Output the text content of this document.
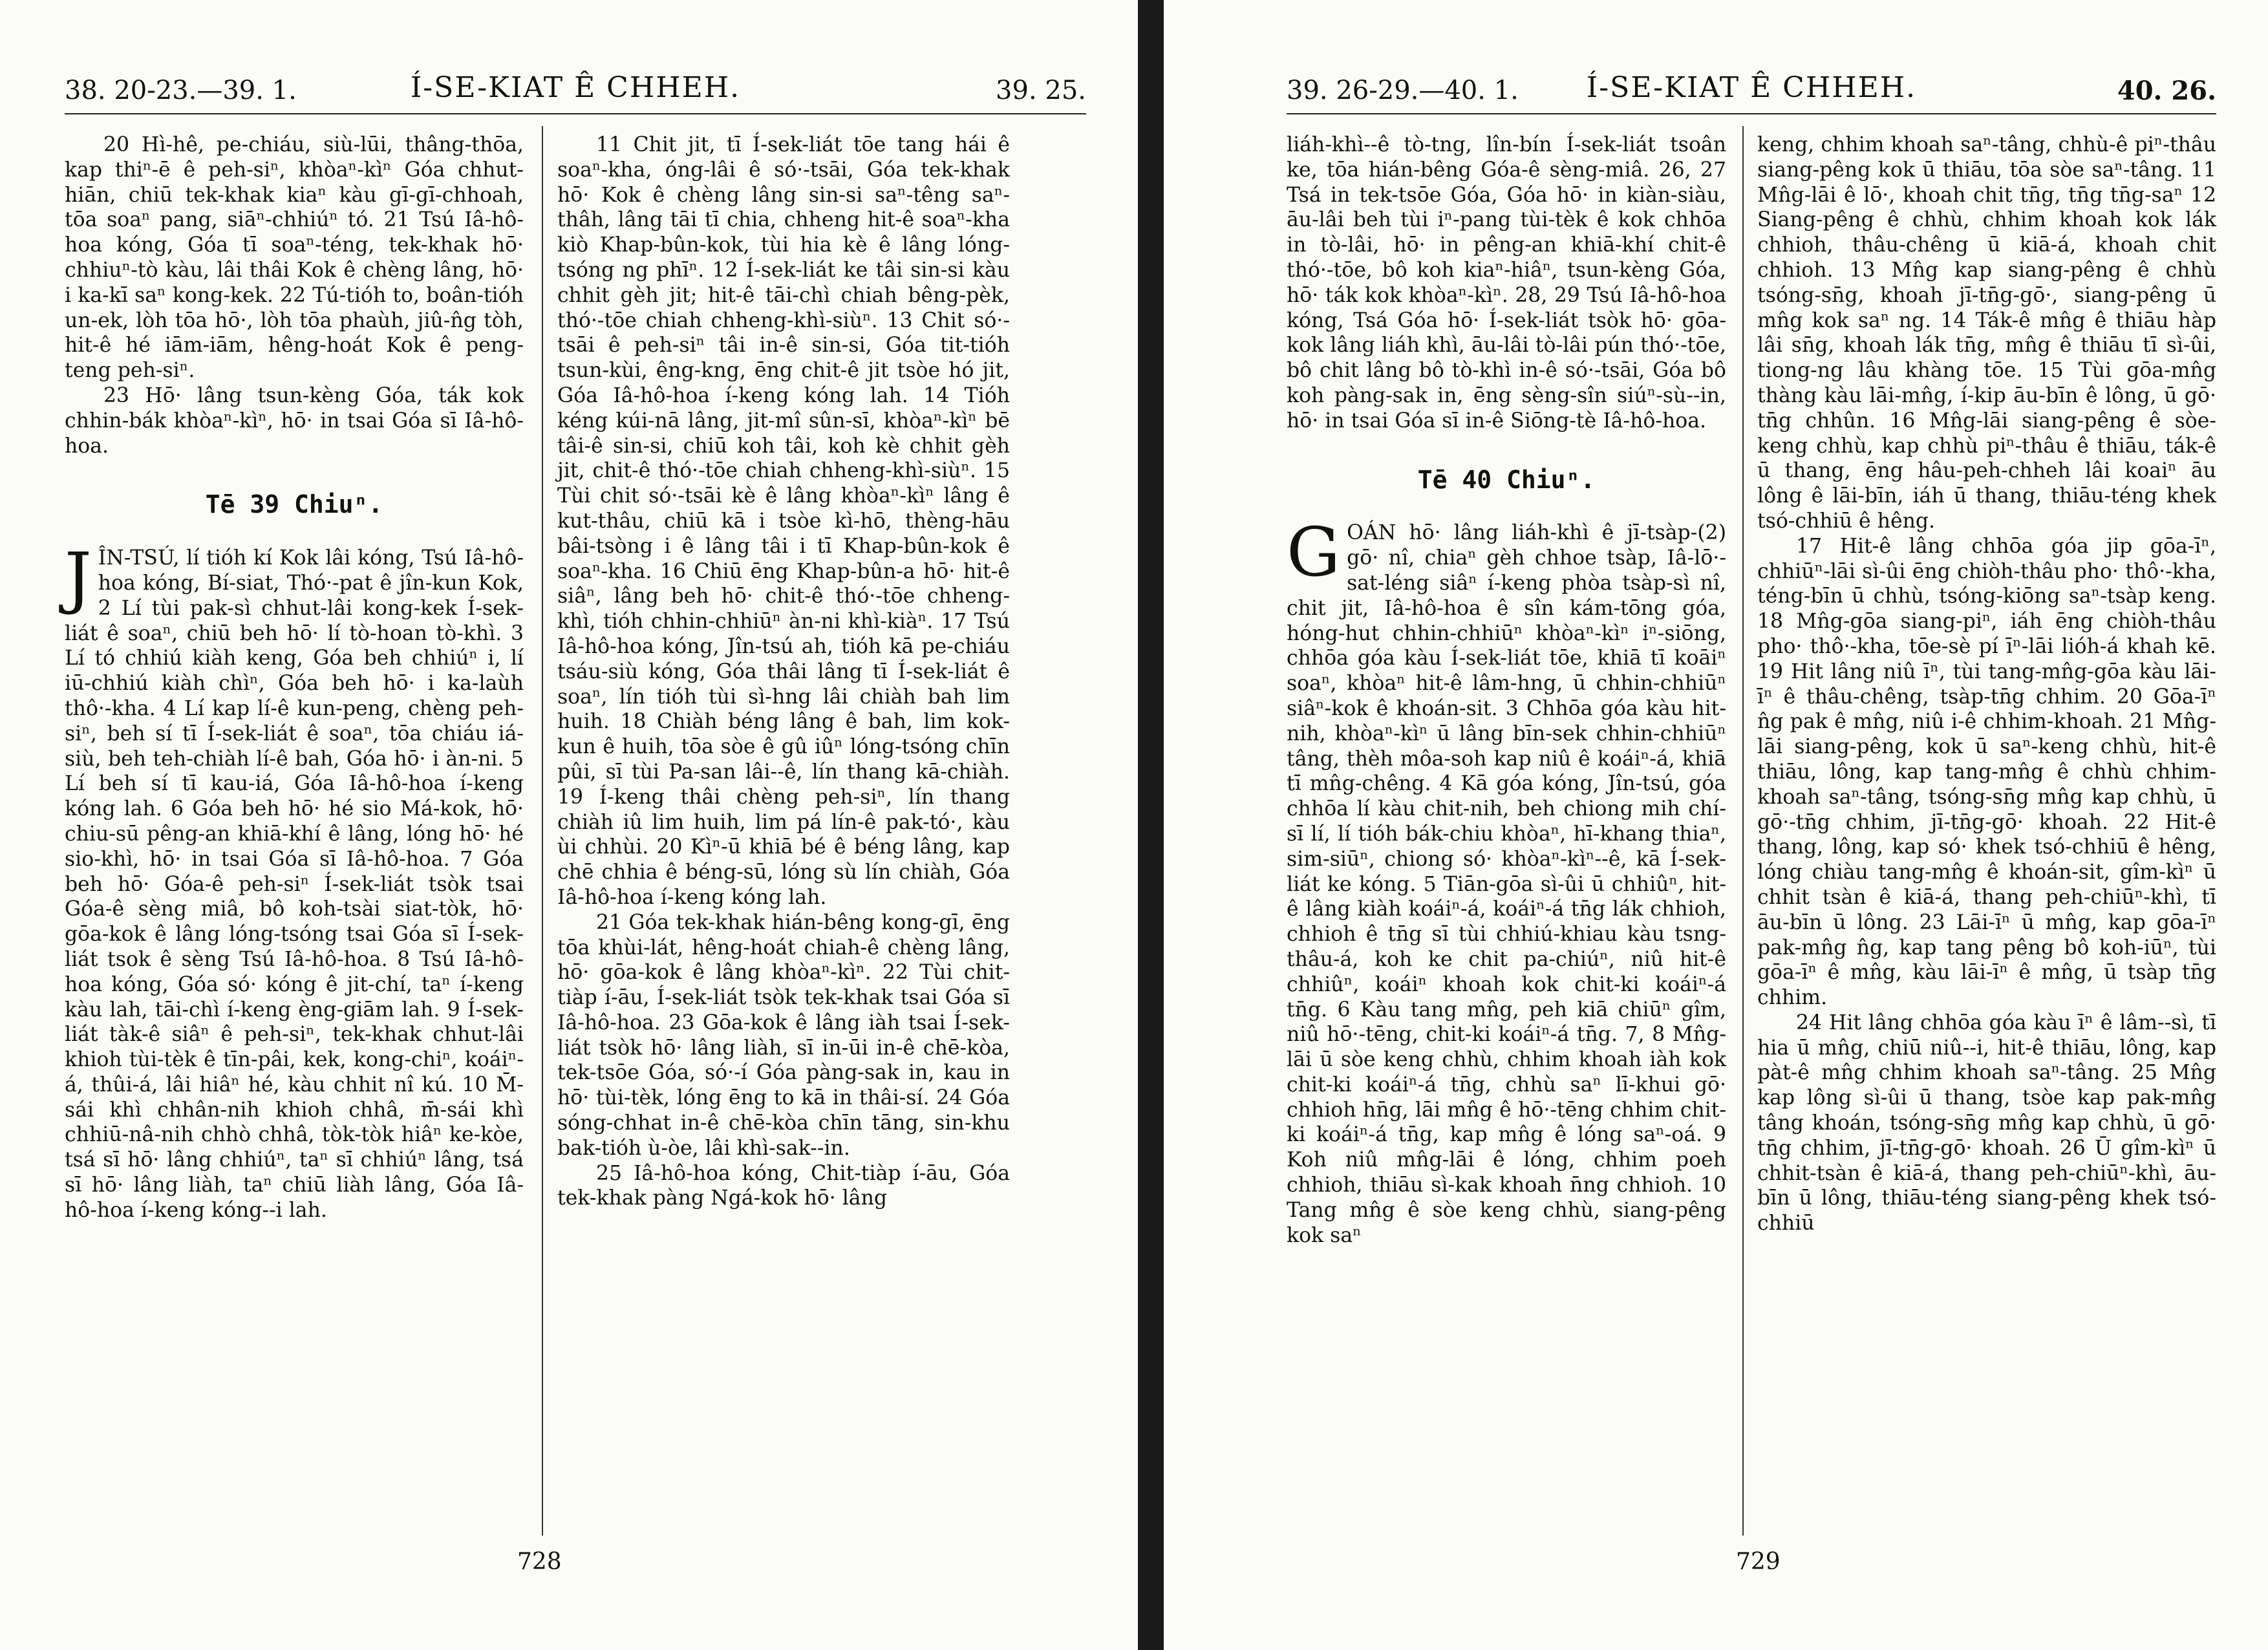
38. 20-23.—39. 1.	Í-SE-KIAT Ê CHHEH.	39. 25.

20 Hì-hê, pe-chiáu, siù-lūi, thâng-thōa, kap thiⁿ-ē ê peh-siⁿ, khòaⁿ-kìⁿ Góa chhut-hiān, chiū tek-khak kiaⁿ kàu gī-gī-chhoah, tōa soaⁿ pang, siāⁿ-chhiúⁿ tó. 21 Tsú Iâ-hô-hoa kóng, Góa tī soaⁿ-téng, tek-khak hō· chhiuⁿ-tò kàu, lâi thâi Kok ê chèng lâng, hō· i ka-kī saⁿ kong-kek. 22 Tú-tióh to, boân-tióh un-ek, lòh tōa hō·, lòh tōa phaùh, jiû-n̂g tòh, hit-ê hé iām-iām, hêng-hoát Kok ê peng-teng peh-siⁿ.

23 Hō· lâng tsun-kèng Góa, ták kok chhin-bák khòaⁿ-kìⁿ, hō· in tsai Góa sī Iâ-hô-hoa.

Tē 39 Chiuⁿ.

JÎN-TSÚ, lí tióh kí Kok lâi kóng, Tsú Iâ-hô-hoa kóng, Bí-siat, Thó·-pat ê jîn-kun Kok, 2 Lí tùi pak-sì chhut-lâi kong-kek Í-sek-liát ê soaⁿ, chiū beh hō· lí tò-hoan tò-khì. 3 Lí tó chhiú kiàh keng, Góa beh chhiúⁿ i, lí iū-chhiú kiàh chìⁿ, Góa beh hō· i ka-laùh thô·-kha. 4 Lí kap lí-ê kun-peng, chèng peh-siⁿ, beh sí tī Í-sek-liát ê soaⁿ, tōa chiáu iá-siù, beh teh-chiàh lí-ê bah, Góa hō· i àn-ni. 5 Lí beh sí tī kau-iá, Góa Iâ-hô-hoa í-keng kóng lah. 6 Góa beh hō· hé sio Má-kok, hō· chiu-sū pêng-an khiā-khí ê lâng, lóng hō· hé sio-khì, hō· in tsai Góa sī Iâ-hô-hoa. 7 Góa beh hō· Góa-ê peh-siⁿ Í-sek-liát tsòk tsai Góa-ê sèng miâ, bô koh-tsài siat-tòk, hō· gōa-kok ê lâng lóng-tsóng tsai Góa sī Í-sek-liát tsok ê sèng Tsú Iâ-hô-hoa. 8 Tsú Iâ-hô-hoa kóng, Góa só· kóng ê jit-chí, taⁿ í-keng kàu lah, tāi-chì í-keng èng-giām lah. 9 Í-sek-liát tàk-ê siâⁿ ê peh-siⁿ, tek-khak chhut-lâi khioh tùi-tèk ê tīn-pâi, kek, kong-chiⁿ, koáiⁿ-á, thûi-á, lâi hiâⁿ hé, kàu chhit nî kú. 10 M̄-sái khì chhân-nih khioh chhâ, m̄-sái khì chhiū-nâ-nih chhò chhâ, tòk-tòk hiâⁿ ke-kòe, tsá sī hō· lâng chhiúⁿ, taⁿ sī chhiúⁿ lâng, tsá sī hō· lâng liàh, taⁿ chiū liàh lâng, Góa Iâ-hô-hoa í-keng kóng--i lah.

11 Chit jit, tī Í-sek-liát tōe tang hái ê soaⁿ-kha, óng-lâi ê só·-tsāi, Góa tek-khak hō· Kok ê chèng lâng sin-si saⁿ-têng saⁿ-thâh, lâng tāi tī chia, chheng hit-ê soaⁿ-kha kiò Khap-bûn-kok, tùi hia kè ê lâng lóng-tsóng ng phīⁿ. 12 Í-sek-liát ke tâi sin-si kàu chhit gèh jit; hit-ê tāi-chì chiah bêng-pèk, thó·-tōe chiah chheng-khì-siùⁿ. 13 Chit só·-tsāi ê peh-siⁿ tâi in-ê sin-si, Góa tit-tióh tsun-kùi, êng-kng, ēng chit-ê jit tsòe hó jit, Góa Iâ-hô-hoa í-keng kóng lah. 14 Tióh kéng kúi-nā lâng, jit-mî sûn-sī, khòaⁿ-kìⁿ bē tâi-ê sin-si, chiū koh tâi, koh kè chhit gèh jit, chit-ê thó·-tōe chiah chheng-khì-siùⁿ. 15 Tùi chit só·-tsāi kè ê lâng khòaⁿ-kìⁿ lâng ê kut-thâu, chiū kā i tsòe kì-hō, thèng-hāu bâi-tsòng i ê lâng tâi i tī Khap-bûn-kok ê soaⁿ-kha. 16 Chiū ēng Khap-bûn-a hō· hit-ê siâⁿ, lâng beh hō· chit-ê thó·-tōe chheng-khì, tióh chhin-chhiūⁿ àn-ni khì-kiàⁿ. 17 Tsú Iâ-hô-hoa kóng, Jîn-tsú ah, tióh kā pe-chiáu tsáu-siù kóng, Góa thâi lâng tī Í-sek-liát ê soaⁿ, lín tióh tùi sì-hng lâi chiàh bah lim huih. 18 Chiàh béng lâng ê bah, lim kok-kun ê huih, tōa sòe ê gû iûⁿ lóng-tsóng chīn pûi, sī tùi Pa-san lâi--ê, lín thang kā-chiàh. 19 Í-keng thâi chèng peh-siⁿ, lín thang chiàh iû lim huih, lim pá lín-ê pak-tó·, kàu ùi chhùi. 20 Kìⁿ-ū khiā bé ê béng lâng, kap chē chhia ê béng-sū, lóng sù lín chiàh, Góa Iâ-hô-hoa í-keng kóng lah.

21 Góa tek-khak hián-bêng kong-gī, ēng tōa khùi-lát, hêng-hoát chiah-ê chèng lâng, hō· gōa-kok ê lâng khòaⁿ-kìⁿ. 22 Tùi chit-tiàp í-āu, Í-sek-liát tsòk tek-khak tsai Góa sī Iâ-hô-hoa. 23 Gōa-kok ê lâng iàh tsai Í-sek-liát tsòk hō· lâng liàh, sī in-ūi in-ê chē-kòa, tek-tsōe Góa, só·-í Góa pàng-sak in, kau in hō· tùi-tèk, lóng ēng to kā in thâi-sí. 24 Góa sóng-chhat in-ê chē-kòa chīn tāng, sin-khu bak-tióh ù-òe, lâi khì-sak--in.

25 Iâ-hô-hoa kóng, Chit-tiàp í-āu, Góa tek-khak pàng Ngá-kok hō· lâng

728
39. 26-29.—40. 1.	Í-SE-KIAT Ê CHHEH.	40. 26.

liáh-khì--ê tò-tng, lîn-bín Í-sek-liát tsoân ke, tōa hián-bêng Góa-ê sèng-miâ. 26, 27 Tsá in tek-tsōe Góa, Góa hō· in kiàn-siàu, āu-lâi beh tùi iⁿ-pang tùi-tèk ê kok chhōa in tò-lâi, hō· in pêng-an khiā-khí chit-ê thó·-tōe, bô koh kiaⁿ-hiâⁿ, tsun-kèng Góa, hō· ták kok khòaⁿ-kìⁿ. 28, 29 Tsú Iâ-hô-hoa kóng, Tsá Góa hō· Í-sek-liát tsòk hō· gōa-kok lâng liáh khì, āu-lâi tò-lâi pún thó·-tōe, bô chit lâng bô tò-khì in-ê só·-tsāi, Góa bô koh pàng-sak in, ēng sèng-sîn siúⁿ-sù--in, hō· in tsai Góa sī in-ê Siōng-tè Iâ-hô-hoa.

Tē 40 Chiuⁿ.

GOÁN hō· lâng liáh-khì ê jī-tsàp-(2) gō· nî, chiaⁿ gèh chhoe tsàp, Iâ-lō·-sat-léng siâⁿ í-keng phòa tsàp-sì nî, chit jit, Iâ-hô-hoa ê sîn kám-tōng góa, hóng-hut chhin-chhiūⁿ khòaⁿ-kìⁿ iⁿ-siōng, chhōa góa kàu Í-sek-liát tōe, khiā tī koāiⁿ soaⁿ, khòaⁿ hit-ê lâm-hng, ū chhin-chhiūⁿ siâⁿ-kok ê khoán-sit. 3 Chhōa góa kàu hit-nih, khòaⁿ-kìⁿ ū lâng bīn-sek chhin-chhiūⁿ tâng, thèh môa-soh kap niû ê koáiⁿ-á, khiā tī mn̂g-chêng. 4 Kā góa kóng, Jîn-tsú, góa chhōa lí kàu chit-nih, beh chiong mih chí-sī lí, lí tióh bák-chiu khòaⁿ, hī-khang thiaⁿ, sim-siūⁿ, chiong só· khòaⁿ-kìⁿ--ê, kā Í-sek-liát ke kóng. 5 Tiān-gōa sì-ûi ū chhiûⁿ, hit-ê lâng kiàh koáiⁿ-á, koáiⁿ-á tn̄g lák chhioh, chhioh ê tn̄g sī tùi chhiú-khiau kàu tsng-thâu-á, koh ke chit pa-chiúⁿ, niû hit-ê chhiûⁿ, koáiⁿ khoah kok chit-ki koáiⁿ-á tn̄g. 6 Kàu tang mn̂g, peh kiā chiūⁿ gîm, niû hō·-tēng, chit-ki koáiⁿ-á tn̄g. 7, 8 Mn̂g-lāi ū sòe keng chhù, chhim khoah iàh kok chit-ki koáiⁿ-á tn̄g, chhù saⁿ lī-khui gō· chhioh hn̄g, lāi mn̂g ê hō·-tēng chhim chit-ki koáiⁿ-á tn̄g, kap mn̂g ê lóng saⁿ-oá. 9 Koh niû mn̂g-lāi ê lóng, chhim poeh chhioh, thiāu sì-kak khoah n̄ng chhioh. 10 Tang mn̂g ê sòe keng chhù, siang-pêng kok saⁿ

keng, chhim khoah saⁿ-tâng, chhù-ê piⁿ-thâu siang-pêng kok ū thiāu, tōa sòe saⁿ-tâng. 11 Mn̂g-lāi ê lō·, khoah chit tn̄g, tn̄g tn̄g-saⁿ 12 Siang-pêng ê chhù, chhim khoah kok lák chhioh, thâu-chêng ū kiā-á, khoah chit chhioh. 13 Mn̂g kap siang-pêng ê chhù tsóng-sn̄g, khoah jī-tn̄g-gō·, siang-pêng ū mn̂g kok saⁿ ng. 14 Ták-ê mn̂g ê thiāu hàp lâi sn̄g, khoah lák tn̄g, mn̂g ê thiāu tī sì-ûi, tiong-ng lâu khàng tōe. 15 Tùi gōa-mn̂g thàng kàu lāi-mn̂g, í-kip āu-bīn ê lông, ū gō· tn̄g chhûn. 16 Mn̂g-lāi siang-pêng ê sòe-keng chhù, kap chhù piⁿ-thâu ê thiāu, ták-ê ū thang, ēng hâu-peh-chheh lâi koaiⁿ āu lông ê lāi-bīn, iáh ū thang, thiāu-téng khek tsó-chhiū ê hêng.

17 Hit-ê lâng chhōa góa jip gōa-īⁿ, chhiūⁿ-lāi sì-ûi ēng chiòh-thâu pho· thô·-kha, téng-bīn ū chhù, tsóng-kiōng saⁿ-tsàp keng. 18 Mn̂g-gōa siang-piⁿ, iáh ēng chiòh-thâu pho· thô·-kha, tōe-sè pí īⁿ-lāi lióh-á khah kē. 19 Hit lâng niû īⁿ, tùi tang-mn̂g-gōa kàu lāi-īⁿ ê thâu-chêng, tsàp-tn̄g chhim. 20 Gōa-īⁿ n̂g pak ê mn̂g, niû i-ê chhim-khoah. 21 Mn̂g-lāi siang-pêng, kok ū saⁿ-keng chhù, hit-ê thiāu, lông, kap tang-mn̂g ê chhù chhim-khoah saⁿ-tâng, tsóng-sn̄g mn̂g kap chhù, ū gō·-tn̄g chhim, jī-tn̄g-gō· khoah. 22 Hit-ê thang, lông, kap só· khek tsó-chhiū ê hêng, lóng chiàu tang-mn̂g ê khoán-sit, gîm-kìⁿ ū chhit tsàn ê kiā-á, thang peh-chiūⁿ-khì, tī āu-bīn ū lông. 23 Lāi-īⁿ ū mn̂g, kap gōa-īⁿ pak-mn̂g n̂g, kap tang pêng bô koh-iūⁿ, tùi gōa-īⁿ ê mn̂g, kàu lāi-īⁿ ê mn̂g, ū tsàp tn̄g chhim.

24 Hit lâng chhōa góa kàu īⁿ ê lâm--sì, tī hia ū mn̂g, chiū niû--i, hit-ê thiāu, lông, kap pàt-ê mn̂g chhim khoah saⁿ-tâng. 25 Mn̂g kap lông sì-ûi ū thang, tsòe kap pak-mn̂g tâng khoán, tsóng-sn̄g mn̂g kap chhù, ū gō· tn̄g chhim, jī-tn̄g-gō· khoah. 26 Ū gîm-kìⁿ ū chhit-tsàn ê kiā-á, thang peh-chiūⁿ-khì, āu-bīn ū lông, thiāu-téng siang-pêng khek tsó-chhiū

729
